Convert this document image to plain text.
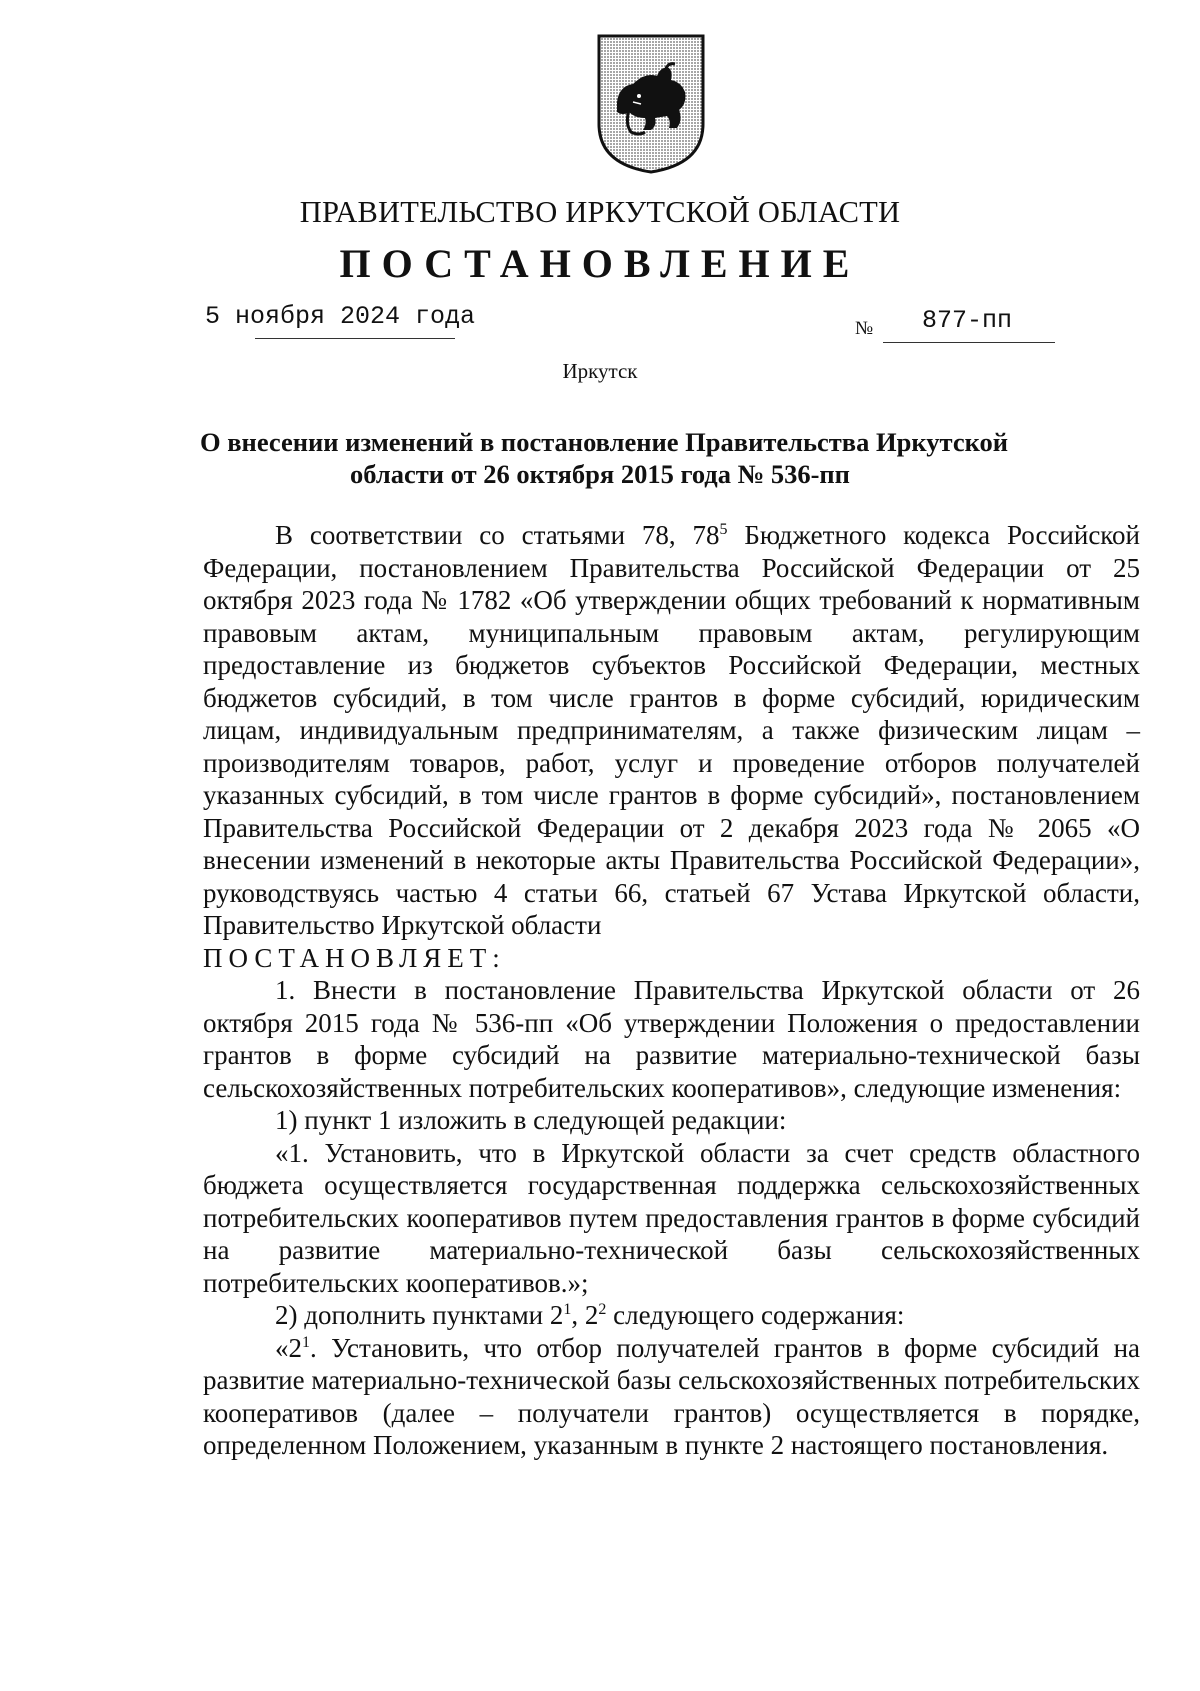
ПРАВИТЕЛЬСТВО ИРКУТСКОЙ ОБЛАСТИ
ПОСТАНОВЛЕНИЕ
5 ноября 2024 года	№ 877-пп
Иркутск
О внесении изменений в постановление Правительства Иркутской
области от 26 октября 2015 года № 536-пп

В соответствии со статьями 78, $78^5$ Бюджетного кодекса Российской Федерации, постановлением Правительства Российской Федерации от 25 октября 2023 года № 1782 «Об утверждении общих требований к нормативным правовым актам, муниципальным правовым актам, регулирующим предоставление из бюджетов субъектов Российской Федерации, местных бюджетов субсидий, в том числе грантов в форме субсидий, юридическим лицам, индивидуальным предпринимателям, а также физическим лицам – производителям товаров, работ, услуг и проведение отборов получателей указанных субсидий, в том числе грантов в форме субсидий», постановлением Правительства Российской Федерации от 2 декабря 2023 года № 2065 «О внесении изменений в некоторые акты Правительства Российской Федерации», руководствуясь частью 4 статьи 66, статьей 67 Устава Иркутской области, Правительство Иркутской области

ПОСТАНОВЛЯЕТ:

1. Внести в постановление Правительства Иркутской области от 26 октября 2015 года № 536-пп «Об утверждении Положения о предоставлении грантов в форме субсидий на развитие материально-технической базы сельскохозяйственных потребительских кооперативов», следующие изменения:

1) пункт 1 изложить в следующей редакции:

«1. Установить, что в Иркутской области за счет средств областного бюджета осуществляется государственная поддержка сельскохозяйственных потребительских кооперативов путем предоставления грантов в форме субсидий на развитие материально-технической базы сельскохозяйственных потребительских кооперативов.»;

2) дополнить пунктами $2^1$, $2^2$ следующего содержания:

«$2^1$. Установить, что отбор получателей грантов в форме субсидий на развитие материально-технической базы сельскохозяйственных потребительских кооперативов (далее – получатели грантов) осуществляется в порядке, определенном Положением, указанным в пункте 2 настоящего постановления.
